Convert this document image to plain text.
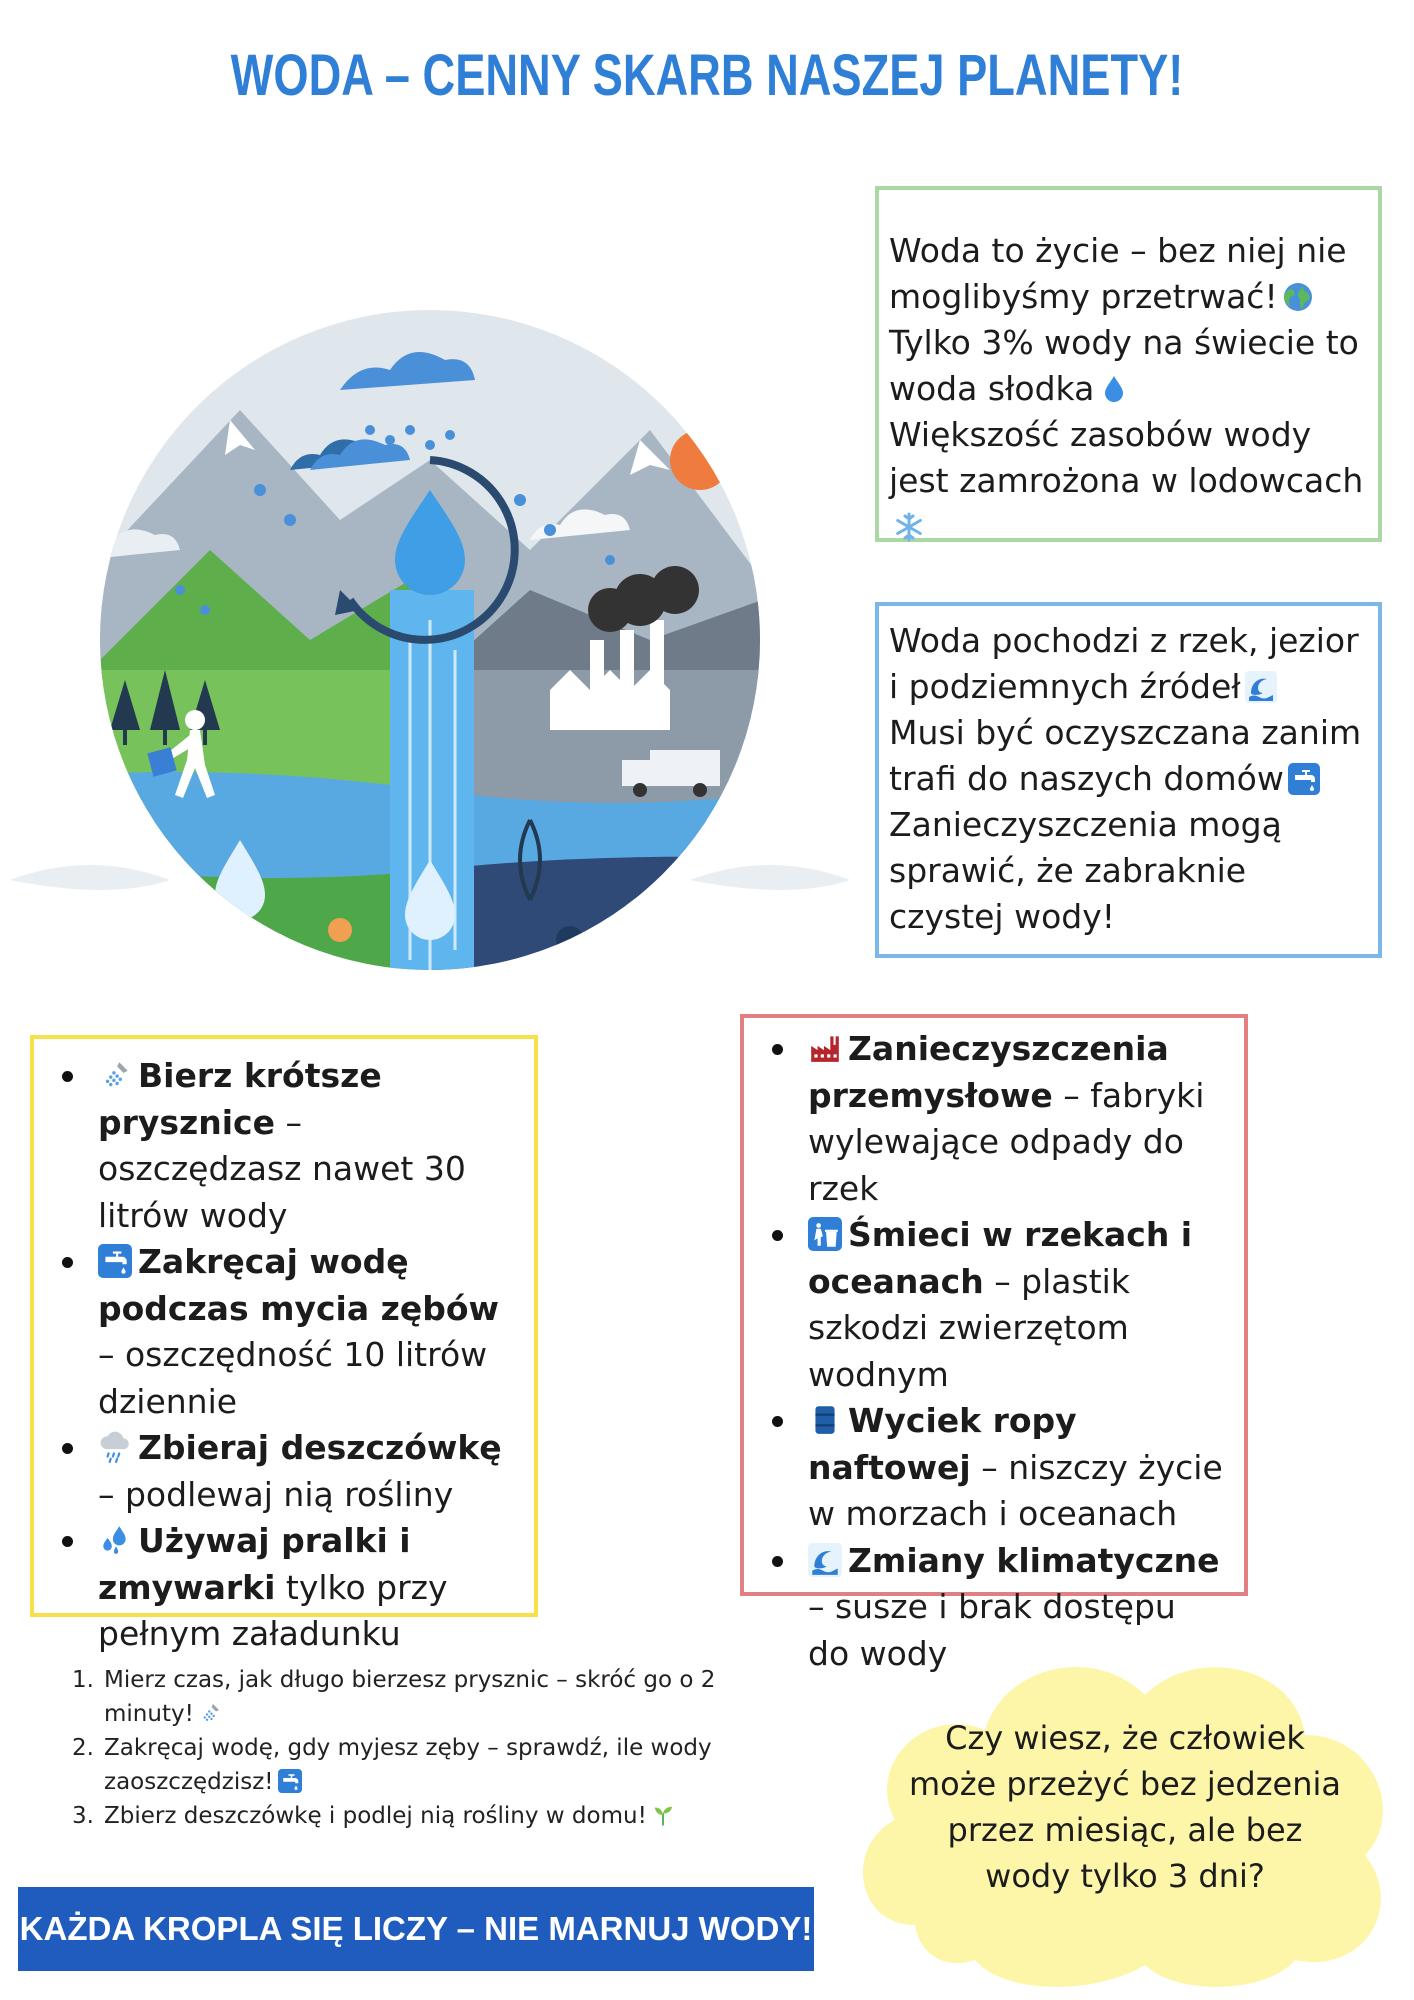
WODA – CENNY SKARB NASZEJ PLANETY!
Woda to życie – bez niej nie moglibyśmy przetrwać!
Tylko 3% wody na świecie to woda słodka
Większość zasobów wody jest zamrożona w lodowcach
Woda pochodzi z rzek, jezior i podziemnych źródeł
Musi być oczyszczana zanim trafi do naszych domów
Zanieczyszczenia mogą sprawić, że zabraknie czystej wody!
Bierz krótsze prysznice – oszczędzasz nawet 30 litrów wody
Zakręcaj wodę podczas mycia zębów – oszczędność 10 litrów dziennie
Zbieraj deszczówkę – podlewaj nią rośliny
Używaj pralki i zmywarki tylko przy pełnym załadunku
Zanieczyszczenia przemysłowe – fabryki wylewające odpady do rzek
Śmieci w rzekach i oceanach – plastik szkodzi zwierzętom wodnym
Wyciek ropy naftowej – niszczy życie w morzach i oceanach
Zmiany klimatyczne – susze i brak dostępu do wody
1. Mierz czas, jak długo bierzesz prysznic – skróć go o 2 minuty!
2. Zakręcaj wodę, gdy myjesz zęby – sprawdź, ile wody zaoszczędzisz!
3. Zbierz deszczówkę i podlej nią rośliny w domu!
Czy wiesz, że człowiek może przeżyć bez jedzenia przez miesiąc, ale bez wody tylko 3 dni?
KAŻDA KROPLA SIĘ LICZY – NIE MARNUJ WODY!
